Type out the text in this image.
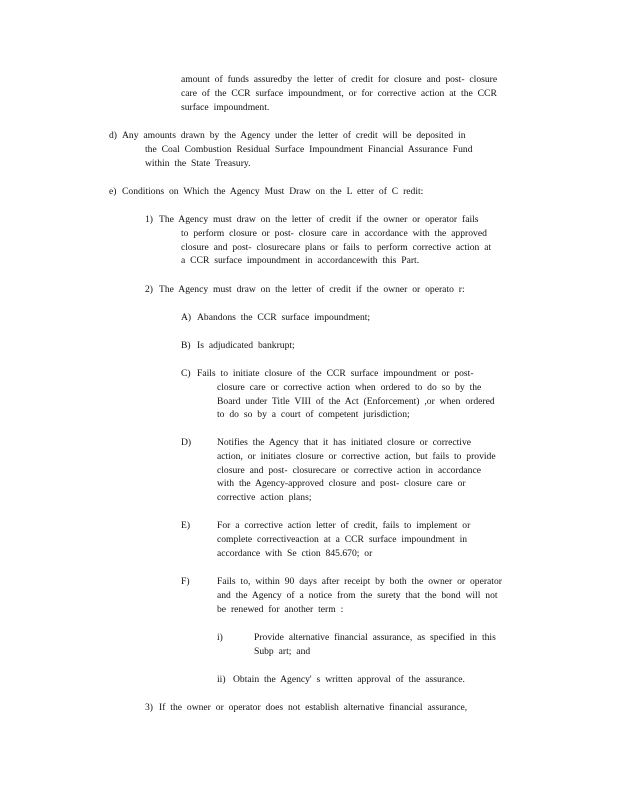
amount of funds assuredby the letter of credit for closure and post- closure

care of the CCR surface impoundment, or for corrective action at the CCR

surface impoundment.

d) Any amounts drawn by the Agency under the letter of credit will be deposited in

the Coal Combustion Residual Surface Impoundment Financial Assurance Fund

within the State Treasury.

e) Conditions on Which the Agency Must Draw on the L etter of C redit:

1) The Agency must draw on the letter of credit if the owner or operator fails

to perform closure or post- closure care in accordance with the approved

closure and post- closurecare plans or fails to perform corrective action at

a CCR surface impoundment in accordancewith this Part.

2) The Agency must draw on the letter of credit if the owner or operato r:

A) Abandons the CCR surface impoundment;

B) Is adjudicated bankrupt;

C) Fails to initiate closure of the CCR surface impoundment or post-

closure care or corrective action when ordered to do so by the

Board under Title VIII of the Act (Enforcement) ,or when ordered

to do so by a court of competent jurisdiction;

D)	Notifies the Agency that it has initiated closure or corrective

action, or initiates closure or corrective action, but fails to provide

closure and post- closurecare or corrective action in accordance

with the Agency-approved closure and post- closure care or

corrective action plans;

E)	For a corrective action letter of credit, fails to implement or

complete correctiveaction at a CCR surface impoundment in

accordance with Se ction 845.670; or

F)	Fails to, within 90 days after receipt by both the owner or operator

and the Agency of a notice from the surety that the bond will not

be renewed for another term :

i)	Provide alternative financial assurance, as specified in this

Subp art; and

ii) Obtain the Agency' s written approval of the assurance.

3) If the owner or operator does not establish alternative financial assurance,
